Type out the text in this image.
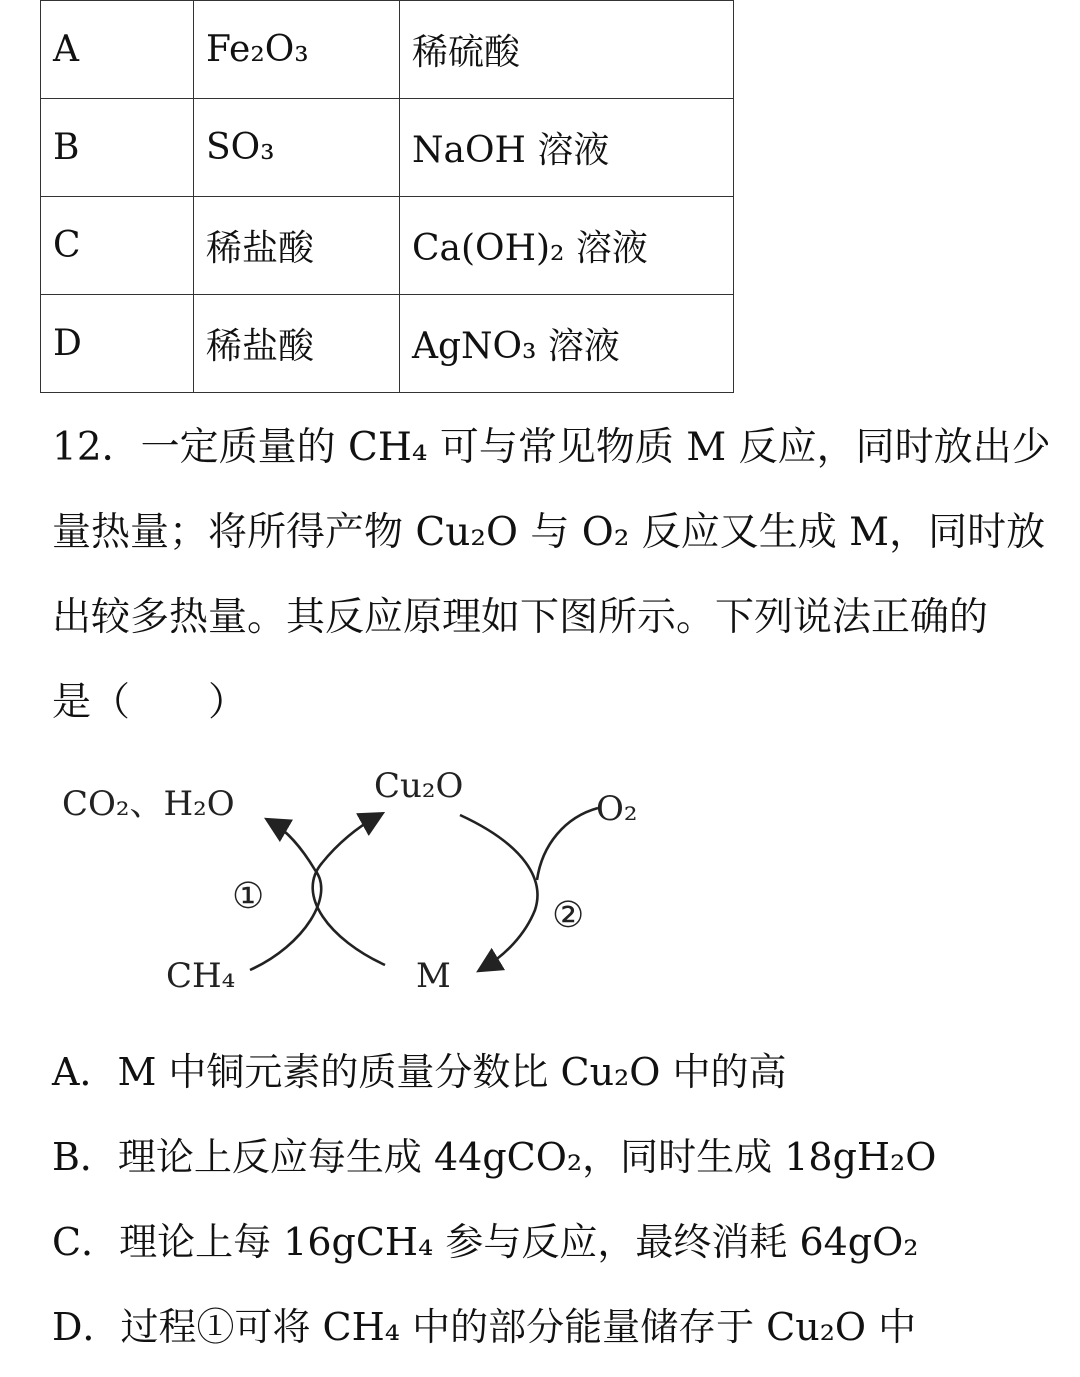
A	Fe₂O₃	稀硫酸
B	SO₃	NaOH 溶液
C	稀盐酸	Ca(OH)₂ 溶液
D	稀盐酸	AgNO₃ 溶液
12．一定质量的 CH₄ 可与常见物质 M 反应，同时放出少
量热量；将所得产物 Cu₂O 与 O₂ 反应又生成 M，同时放
出较多热量。其反应原理如下图所示。下列说法正确的
是（　　）
CO₂、H₂O	Cu₂O
O₂
①	②
CH₄	M
A．M 中铜元素的质量分数比 Cu₂O 中的高
B．理论上反应每生成 44gCO₂，同时生成 18gH₂O
C．理论上每 16gCH₄ 参与反应，最终消耗 64gO₂
D．过程①可将 CH₄ 中的部分能量储存于 Cu₂O 中
